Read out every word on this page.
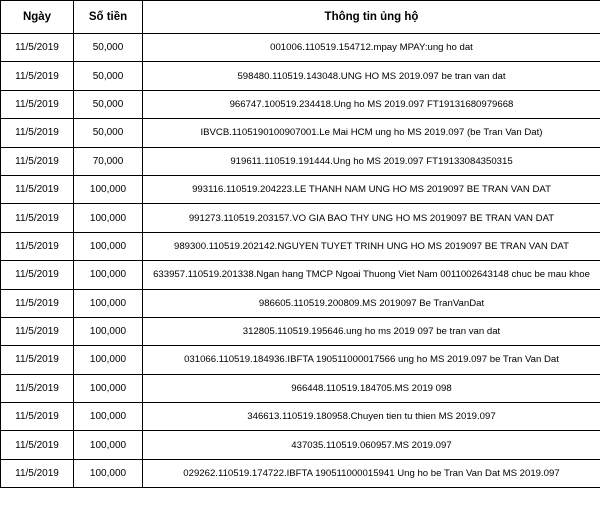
Ngày	Số tiền	Thông tin ủng hộ
11/5/2019	50,000	001006.110519.154712.mpay MPAY:ung ho dat
11/5/2019	50,000	598480.110519.143048.UNG HO MS 2019.097 be tran van dat
11/5/2019	50,000	966747.100519.234418.Ung ho MS 2019.097 FT19131680979668
11/5/2019	50,000	IBVCB.1105190100907001.Le Mai HCM ung ho MS 2019.097 (be Tran Van Dat)
11/5/2019	70,000	919611.110519.191444.Ung ho MS 2019.097 FT19133084350315
11/5/2019	100,000	993116.110519.204223.LE THANH NAM UNG HO MS 2019097 BE TRAN VAN DAT
11/5/2019	100,000	991273.110519.203157.VO GIA BAO THY UNG HO MS 2019097 BE TRAN VAN DAT
11/5/2019	100,000	989300.110519.202142.NGUYEN TUYET TRINH UNG HO MS 2019097 BE TRAN VAN DAT
11/5/2019	100,000	633957.110519.201338.Ngan hang TMCP Ngoai Thuong Viet Nam 0011002643148 chuc be mau khoe
11/5/2019	100,000	986605.110519.200809.MS 2019097 Be TranVanDat
11/5/2019	100,000	312805.110519.195646.ung ho ms 2019 097 be tran van dat
11/5/2019	100,000	031066.110519.184936.IBFTA 190511000017566 ung ho MS 2019.097 be Tran Van Dat
11/5/2019	100,000	966448.110519.184705.MS 2019 098
11/5/2019	100,000	346613.110519.180958.Chuyen tien tu thien MS 2019.097
11/5/2019	100,000	437035.110519.060957.MS 2019.097
11/5/2019	100,000	029262.110519.174722.IBFTA 190511000015941 Ung ho be Tran Van Dat MS 2019.097
